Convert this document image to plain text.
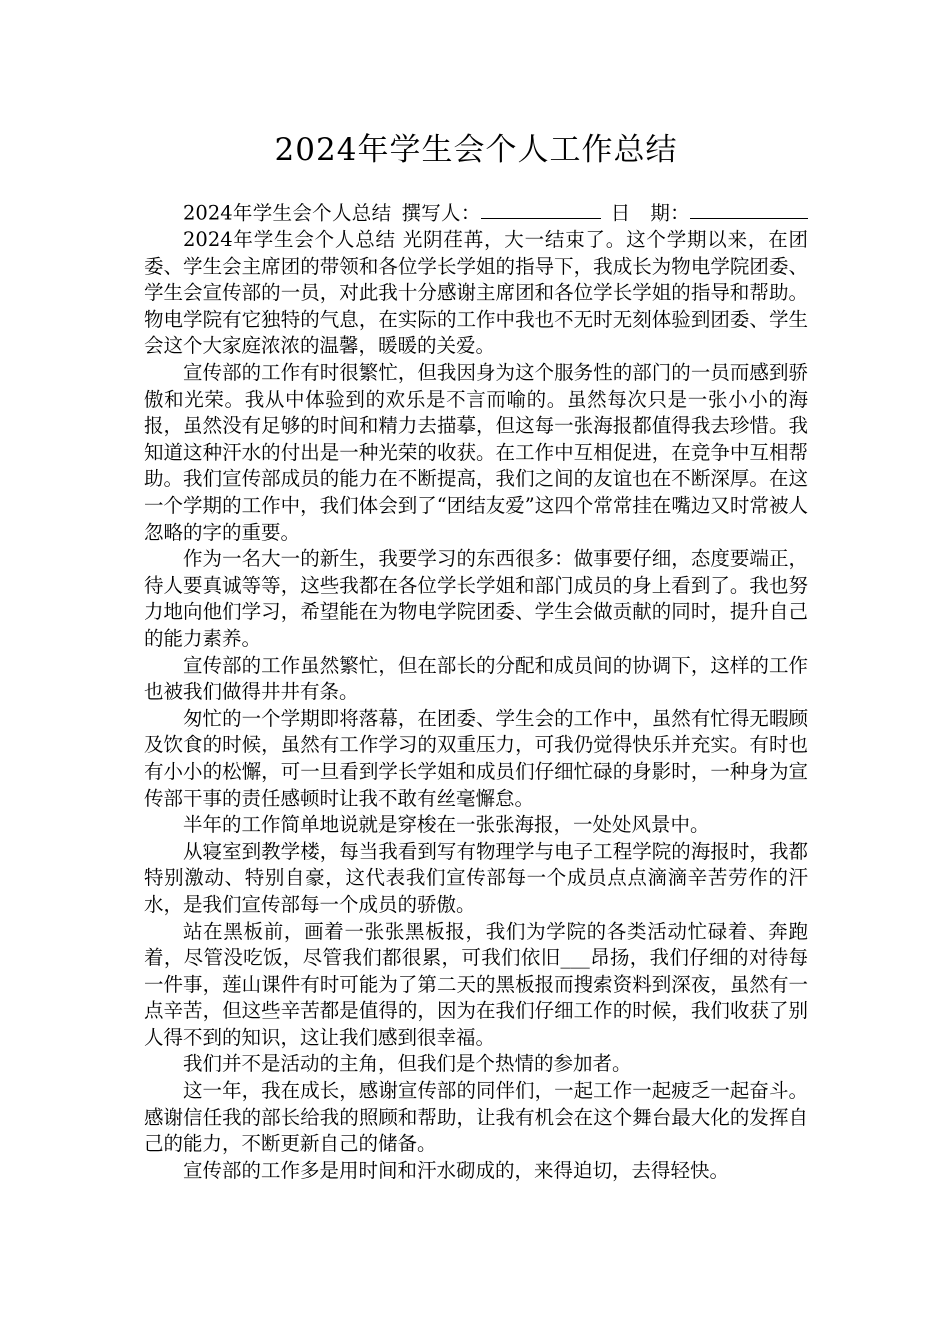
2024年学生会个人工作总结

2024年学生会个人总结  撰写人： 	日　期：  2024年学生会个人总结 光阴荏苒，大一结束了。这个学期以来，在团委、学生会主席团的带领和各位学长学姐的指导下，我成长为物电学院团委、学生会宣传部的一员，对此我十分感谢主席团和各位学长学姐的指导和帮助。物电学院有它独特的气息，在实际的工作中我也不无时无刻体验到团委、学生会这个大家庭浓浓的温馨，暖暖的关爱。

宣传部的工作有时很繁忙，但我因身为这个服务性的部门的一员而感到骄傲和光荣。我从中体验到的欢乐是不言而喻的。虽然每次只是一张小小的海报，虽然没有足够的时间和精力去描摹，但这每一张海报都值得我去珍惜。我知道这种汗水的付出是一种光荣的收获。在工作中互相促进，在竞争中互相帮助。我们宣传部成员的能力在不断提高，我们之间的友谊也在不断深厚。在这一个学期的工作中，我们体会到了“团结友爱”这四个常常挂在嘴边又时常被人忽略的字的重要。

作为一名大一的新生，我要学习的东西很多：做事要仔细，态度要端正，待人要真诚等等，这些我都在各位学长学姐和部门成员的身上看到了。我也努力地向他们学习，希望能在为物电学院团委、学生会做贡献的同时，提升自己的能力素养。

宣传部的工作虽然繁忙，但在部长的分配和成员间的协调下，这样的工作也被我们做得井井有条。

匆忙的一个学期即将落幕，在团委、学生会的工作中，虽然有忙得无暇顾及饮食的时候，虽然有工作学习的双重压力，可我仍觉得快乐并充实。有时也有小小的松懈，可一旦看到学长学姐和成员们仔细忙碌的身影时，一种身为宣传部干事的责任感顿时让我不敢有丝毫懈怠。

半年的工作简单地说就是穿梭在一张张海报，一处处风景中。

从寝室到教学楼，每当我看到写有物理学与电子工程学院的海报时，我都特别激动、特别自豪，这代表我们宣传部每一个成员点点滴滴辛苦劳作的汗水，是我们宣传部每一个成员的骄傲。

站在黑板前，画着一张张黑板报，我们为学院的各类活动忙碌着、奔跑着，尽管没吃饭，尽管我们都很累，可我们依旧___昂扬，我们仔细的对待每一件事，莲山课件有时可能为了第二天的黑板报而搜索资料到深夜，虽然有一点辛苦，但这些辛苦都是值得的，因为在我们仔细工作的时候，我们收获了别人得不到的知识，这让我们感到很幸福。

我们并不是活动的主角，但我们是个热情的参加者。

这一年，我在成长，感谢宣传部的同伴们，一起工作一起疲乏一起奋斗。感谢信任我的部长给我的照顾和帮助，让我有机会在这个舞台最大化的发挥自己的能力，不断更新自己的储备。

宣传部的工作多是用时间和汗水砌成的，来得迫切，去得轻快。
